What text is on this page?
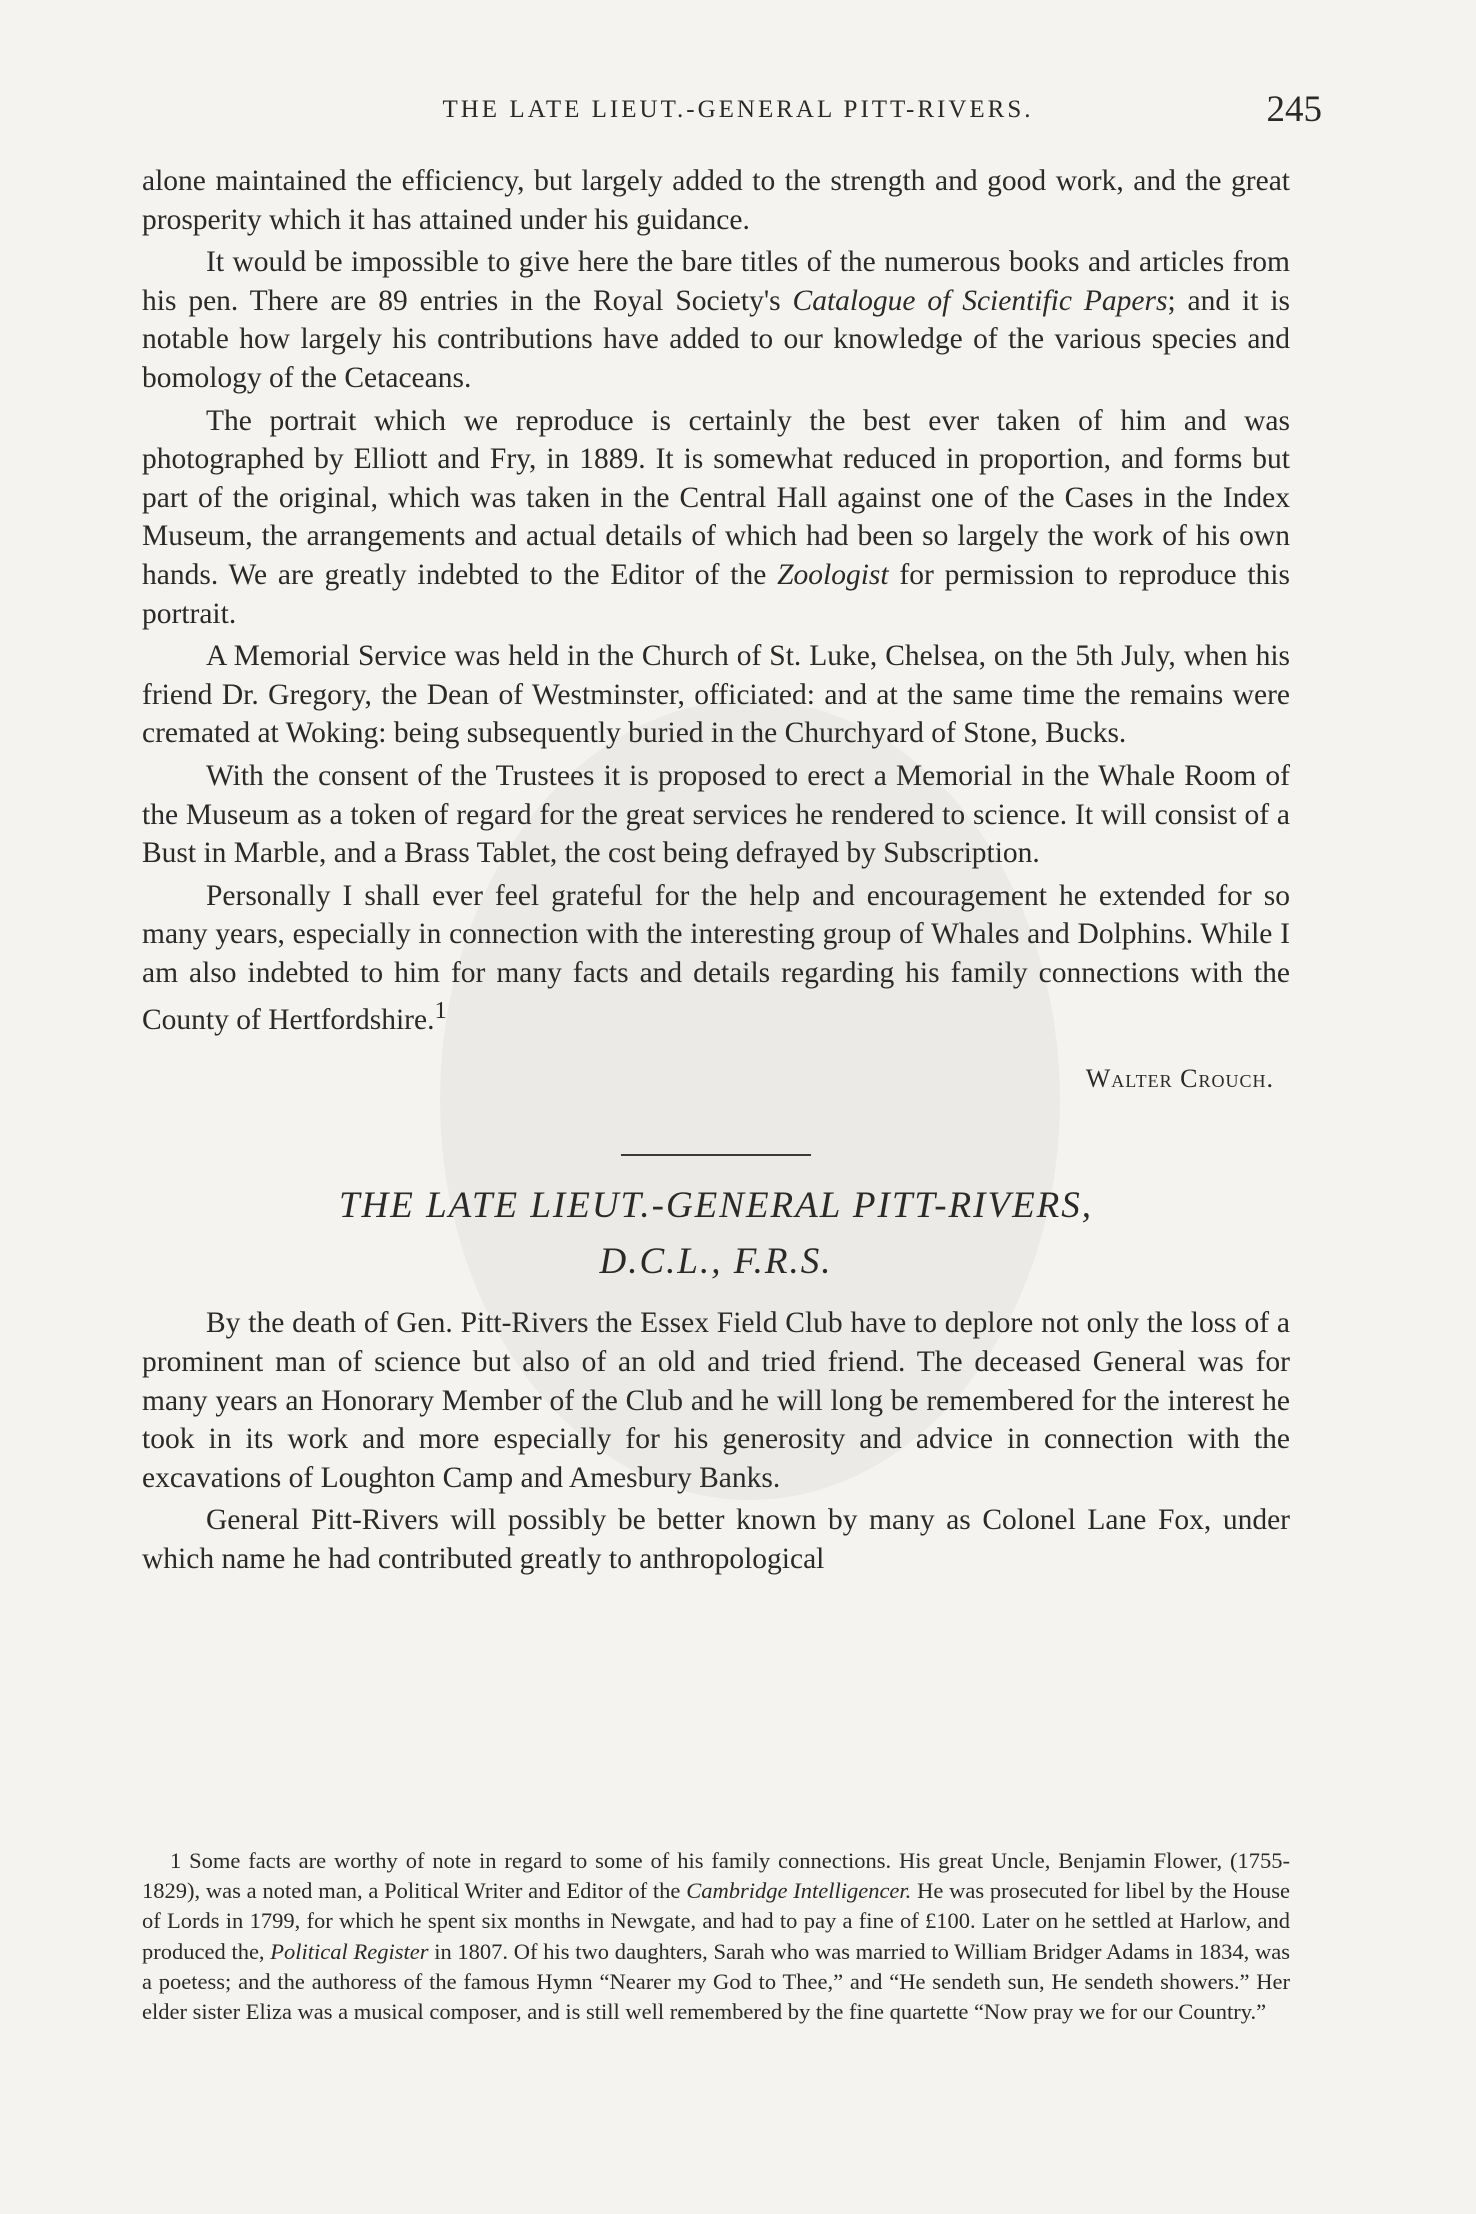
THE LATE LIEUT.-GENERAL PITT-RIVERS.	245

alone maintained the efficiency, but largely added to the strength and good work, and the great prosperity which it has attained under his guidance.

It would be impossible to give here the bare titles of the numerous books and articles from his pen. There are 89 entries in the Royal Society's Catalogue of Scientific Papers; and it is notable how largely his contributions have added to our knowledge of the various species and bomology of the Cetaceans.

The portrait which we reproduce is certainly the best ever taken of him and was photographed by Elliott and Fry, in 1889. It is somewhat reduced in proportion, and forms but part of the original, which was taken in the Central Hall against one of the Cases in the Index Museum, the arrangements and actual details of which had been so largely the work of his own hands. We are greatly indebted to the Editor of the Zoologist for permission to reproduce this portrait.

A Memorial Service was held in the Church of St. Luke, Chelsea, on the 5th July, when his friend Dr. Gregory, the Dean of Westminster, officiated: and at the same time the remains were cremated at Woking: being subsequently buried in the Churchyard of Stone, Bucks.

With the consent of the Trustees it is proposed to erect a Memorial in the Whale Room of the Museum as a token of regard for the great services he rendered to science. It will consist of a Bust in Marble, and a Brass Tablet, the cost being defrayed by Subscription.

Personally I shall ever feel grateful for the help and encouragement he extended for so many years, especially in connection with the interesting group of Whales and Dolphins. While I am also indebted to him for many facts and details regarding his family connections with the County of Hertfordshire.$^1$

Walter Crouch.
THE LATE LIEUT.-GENERAL PITT-RIVERS,
D.C.L., F.R.S.

By the death of Gen. Pitt-Rivers the Essex Field Club have to deplore not only the loss of a prominent man of science but also of an old and tried friend. The deceased General was for many years an Honorary Member of the Club and he will long be remembered for the interest he took in its work and more especially for his generosity and advice in connection with the excavations of Loughton Camp and Amesbury Banks.

General Pitt-Rivers will possibly be better known by many as Colonel Lane Fox, under which name he had contributed greatly to anthropological

1 Some facts are worthy of note in regard to some of his family connections. His great Uncle, Benjamin Flower, (1755-1829), was a noted man, a Political Writer and Editor of the Cambridge Intelligencer. He was prosecuted for libel by the House of Lords in 1799, for which he spent six months in Newgate, and had to pay a fine of £100. Later on he settled at Harlow, and produced the, Political Register in 1807. Of his two daughters, Sarah who was married to William Bridger Adams in 1834, was a poetess; and the authoress of the famous Hymn “Nearer my God to Thee,” and “He sendeth sun, He sendeth showers.” Her elder sister Eliza was a musical composer, and is still well remembered by the fine quartette “Now pray we for our Country.”
